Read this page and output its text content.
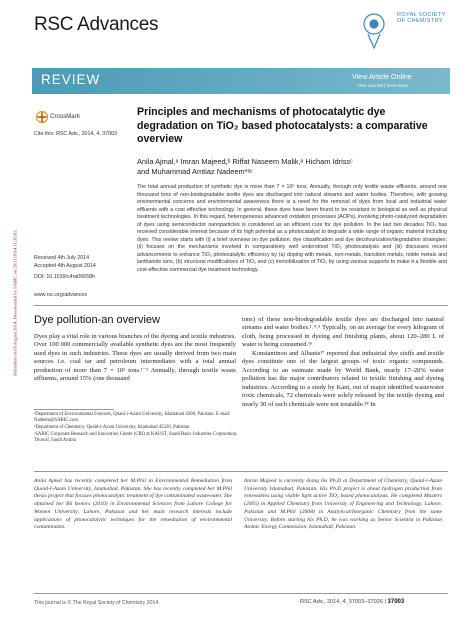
Published on 05 August 2014. Downloaded by SABIC on 26/11/2014 11:26:03.
RSC Advances	ROYAL SOCIETY OF CHEMISTRY
REVIEW	View Article Online
View Journal | View Issue
CrossMark
Cite this: RSC Adv., 2014, 4, 37003
Principles and mechanisms of photocatalytic dye degradation on TiO₂ based photocatalysts: a comparative overview
Anila Ajmal,ᵃ Imran Majeed,ᵇ Riffat Naseem Malik,ᵃ Hicham Idrissᶜ
and Muhammad Amtiaz Nadeem*ᵃᶜ
The total annual production of synthetic dye is more than 7 × 10⁵ tons. Annually, through only textile waste effluents, around one thousand tons of non-biodegradable textile dyes are discharged into natural streams and water bodies. Therefore, with growing environmental concerns and environmental awareness there is a need for the removal of dyes from local and industrial water effluents with a cost effective technology. In general, these dyes have been found to be resistant to biological as well as physical treatment technologies. In this regard, heterogeneous advanced oxidation processes (AOPs), involving photo-catalyzed degradation of dyes using semiconductor nanoparticles is considered as an efficient cure for dye pollution. In the last two decades TiO₂ has received considerable interest because of its high potential as a photocatalyst to degrade a wide range of organic material including dyes. This review starts with (i) a brief overview on dye pollution, dye classification and dye decolourization/degradation strategies; (ii) focuses on the mechanisms involved in comparatively well understood TiO₂ photocatalysis and (iii) discusses recent advancements to enhance TiO₂ photocatalytic efficiency by (a) doping with metals, non-metals, transition metals, noble metals and lanthanide ions, (b) structural modifications of TiO₂ and (c) immobilization of TiO₂ by using various supports to make it a flexible and cost-effective commercial dye treatment technology.
Received 4th July 2014
Accepted 4th August 2014
DOI: 10.1039/c4ra06658h
www.rsc.org/advances
Dye pollution-an overview
Dyes play a vital role in various branches of the dyeing and textile industries. Over 100 000 commercially available synthetic dyes are the most frequently used dyes in such industries. These dyes are usually derived from two main sources i.e. coal tar and petroleum intermediates with a total annual production of more than 7 × 10⁵ tons.¹⁻³ Annually, through textile waste effluents, around 15% (one thousand
tons) of these non-biodegradable textile dyes are discharged into natural streams and water bodies.¹˒⁴˒⁵ Typically, on an average for every kilogram of cloth, being processed in dyeing and finishing plants, about 120–280 L of water is being consumed.¹⁶
Konstantinou and Albanis¹⁷ reported that industrial dye stuffs and textile dyes constitute one of the largest groups of toxic organic compounds. According to an estimate made by World Bank, nearly 17–20% water pollution has the major contributors related to textile finishing and dyeing industries. According to a study by Kant, out of major identified wastewater toxic chemicals, 72 chemicals were solely released by the textile dyeing and nearly 30 of such chemicals were not treatable.¹⁸ In
ᵃDepartment of Environmental Sciences, Quaid-i-Azam University, Islamabad 4200, Pakistan. E-mail: Nadeem@SABIC.com
ᵇDepartment of Chemistry, Quaid-i-Azam University, Islamabad 45320, Pakistan
ᶜSABIC Corporate Research and Innovation Center (CRI) at KAUST, Saudi Basic Industries Corporation, Thuwal, Saudi Arabia
Anila Ajmal has recently completed her M.Phil in Environmental Remediation from Quaid-I-Azam University, Islamabad, Pakistan. She has recently completed her M.Phil thesis project that focuses photocatalytic treatment of dye contaminated wastewater. She obtained her BS honors (2010) in Environmental Sciences from Lahore College for Women University, Lahore, Pakistan and her main research interests include applications of photocatalytic techniques for the remediation of environmental contaminants.
Imran Majeed is currently doing his Ph.D at Department of Chemistry, Quaid-i-Azam University Islamabad, Pakistan. His Ph.D project is about hydrogen production from renewables using visible light active TiO₂ based photocatalysts. He completed Masters (2005) in Applied Chemistry from University of Engineering and Technology, Lahore, Pakistan and M.Phil (2008) in Analytical/Inorganic Chemistry from the same University. Before starting his Ph.D, he was working as Senior Scientist in Pakistan Atomic Energy Commission, Islamabad, Pakistan.
This journal is © The Royal Society of Chemistry 2014	RSC Adv., 2014, 4, 37003–37026 | 37003
